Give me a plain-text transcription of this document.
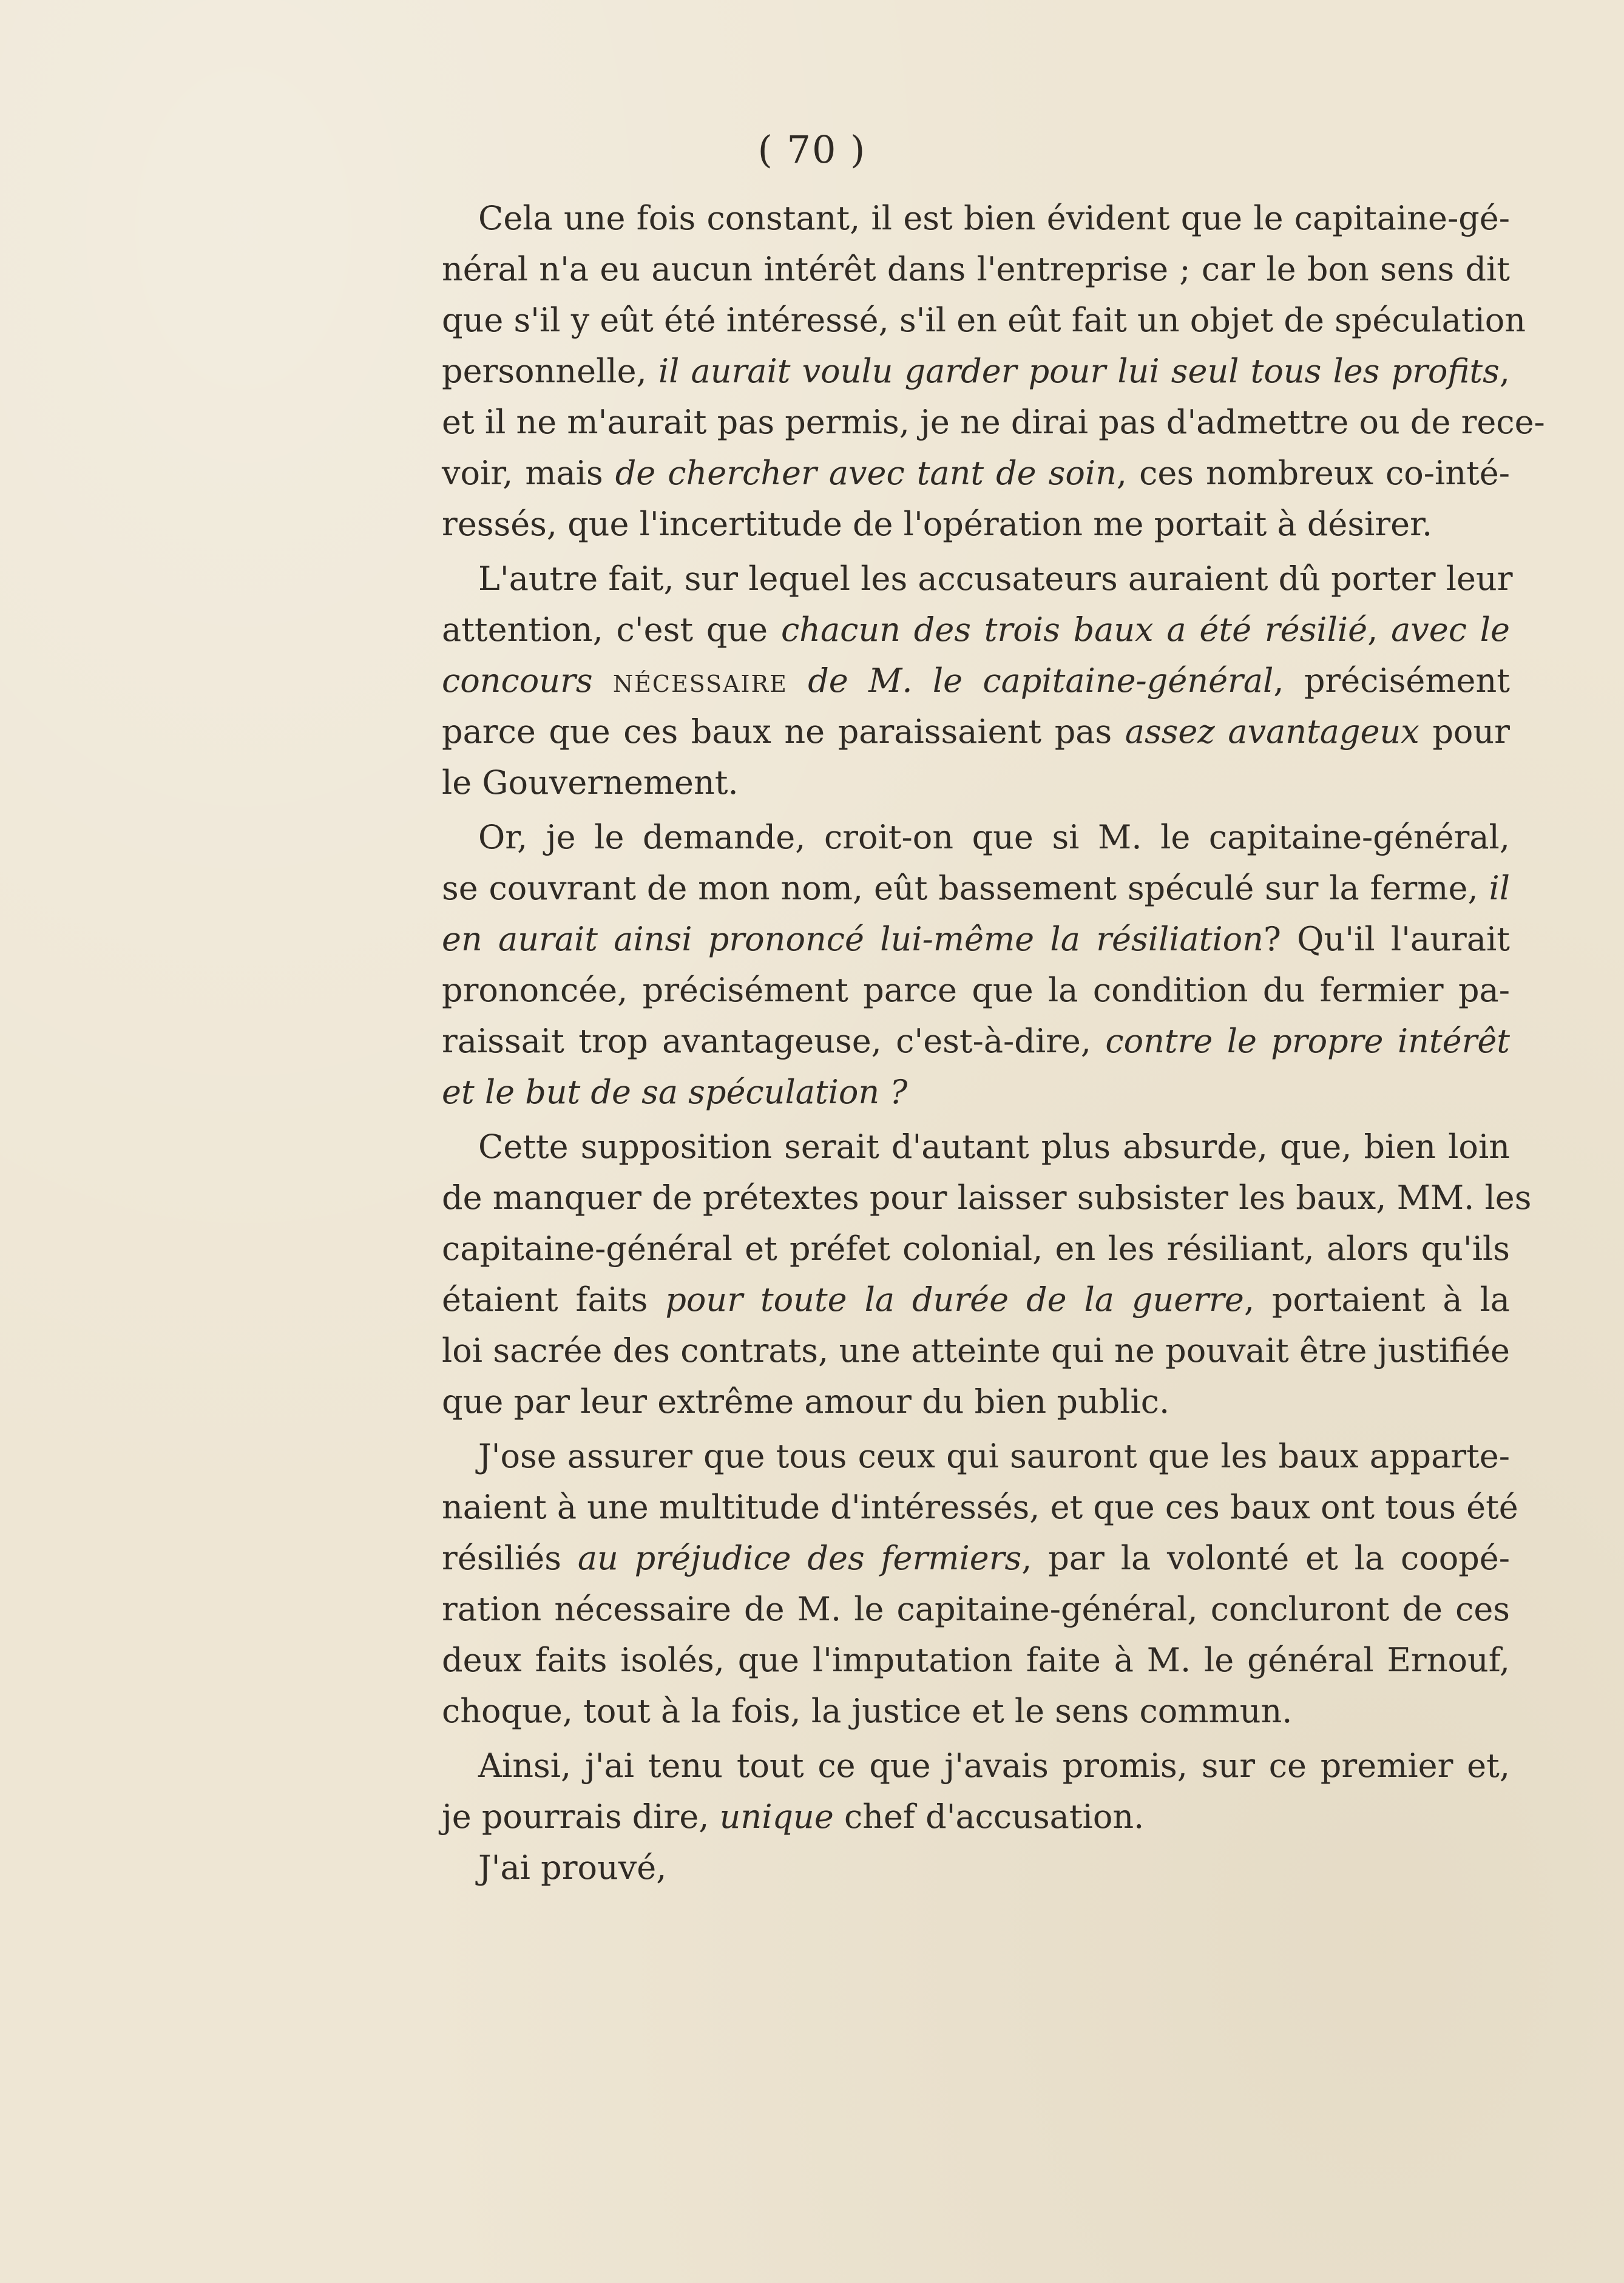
( 70 )
Cela une fois constant, il est bien évident que le capitaine-gé-
néral n'a eu aucun intérêt dans l'entreprise ; car le bon sens dit
que s'il y eût été intéressé, s'il en eût fait un objet de spéculation
personnelle, il aurait voulu garder pour lui seul tous les profits,
et il ne m'aurait pas permis, je ne dirai pas d'admettre ou de rece-
voir, mais de chercher avec tant de soin, ces nombreux co-inté-
ressés, que l'incertitude de l'opération me portait à désirer.
L'autre fait, sur lequel les accusateurs auraient dû porter leur
attention, c'est que chacun des trois baux a été résilié, avec le
concours nécessaire de M. le capitaine-général, précisément
parce que ces baux ne paraissaient pas assez avantageux pour
le Gouvernement.
Or, je le demande, croit-on que si M. le capitaine-général,
se couvrant de mon nom, eût bassement spéculé sur la ferme, il
en aurait ainsi prononcé lui-même la résiliation? Qu'il l'aurait
prononcée, précisément parce que la condition du fermier pa-
raissait trop avantageuse, c'est-à-dire, contre le propre intérêt
et le but de sa spéculation ?
Cette supposition serait d'autant plus absurde, que, bien loin
de manquer de prétextes pour laisser subsister les baux, MM. les
capitaine-général et préfet colonial, en les résiliant, alors qu'ils
étaient faits pour toute la durée de la guerre, portaient à la
loi sacrée des contrats, une atteinte qui ne pouvait être justifiée
que par leur extrême amour du bien public.
J'ose assurer que tous ceux qui sauront que les baux apparte-
naient à une multitude d'intéressés, et que ces baux ont tous été
résiliés au préjudice des fermiers, par la volonté et la coopé-
ration nécessaire de M. le capitaine-général, concluront de ces
deux faits isolés, que l'imputation faite à M. le général Ernouf,
choque, tout à la fois, la justice et le sens commun.
Ainsi, j'ai tenu tout ce que j'avais promis, sur ce premier et,
je pourrais dire, unique chef d'accusation.
J'ai prouvé,
